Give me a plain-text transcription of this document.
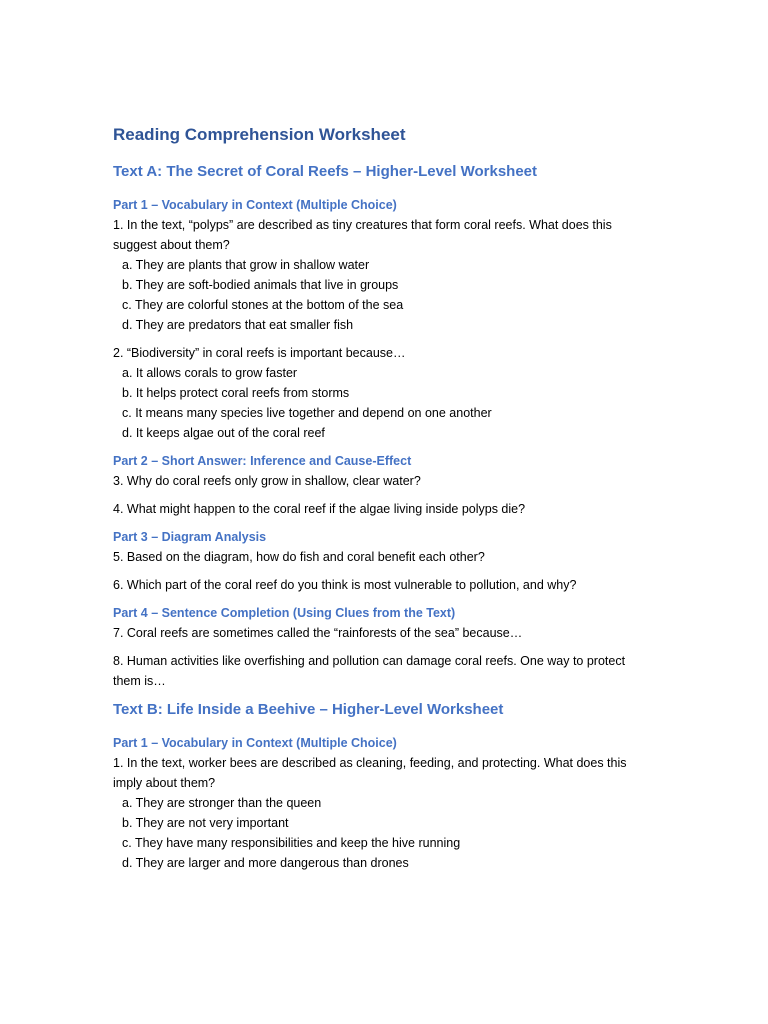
Reading Comprehension Worksheet
Text A: The Secret of Coral Reefs – Higher-Level Worksheet
Part 1 – Vocabulary in Context (Multiple Choice)

1. In the text, “polyps” are described as tiny creatures that form coral reefs. What does this suggest about them?

a. They are plants that grow in shallow water
b. They are soft-bodied animals that live in groups
c. They are colorful stones at the bottom of the sea
d. They are predators that eat smaller fish

2. “Biodiversity” in coral reefs is important because…

a. It allows corals to grow faster
b. It helps protect coral reefs from storms
c. It means many species live together and depend on one another
d. It keeps algae out of the coral reef
Part 2 – Short Answer: Inference and Cause-Effect

3. Why do coral reefs only grow in shallow, clear water?

4. What might happen to the coral reef if the algae living inside polyps die?

Part 3 – Diagram Analysis

5. Based on the diagram, how do fish and coral benefit each other?

6. Which part of the coral reef do you think is most vulnerable to pollution, and why?

Part 4 – Sentence Completion (Using Clues from the Text)

7. Coral reefs are sometimes called the “rainforests of the sea” because…

8. Human activities like overfishing and pollution can damage coral reefs. One way to protect them is…

Text B: Life Inside a Beehive – Higher-Level Worksheet
Part 1 – Vocabulary in Context (Multiple Choice)

1. In the text, worker bees are described as cleaning, feeding, and protecting. What does this imply about them?

a. They are stronger than the queen
b. They are not very important
c. They have many responsibilities and keep the hive running
d. They are larger and more dangerous than drones
